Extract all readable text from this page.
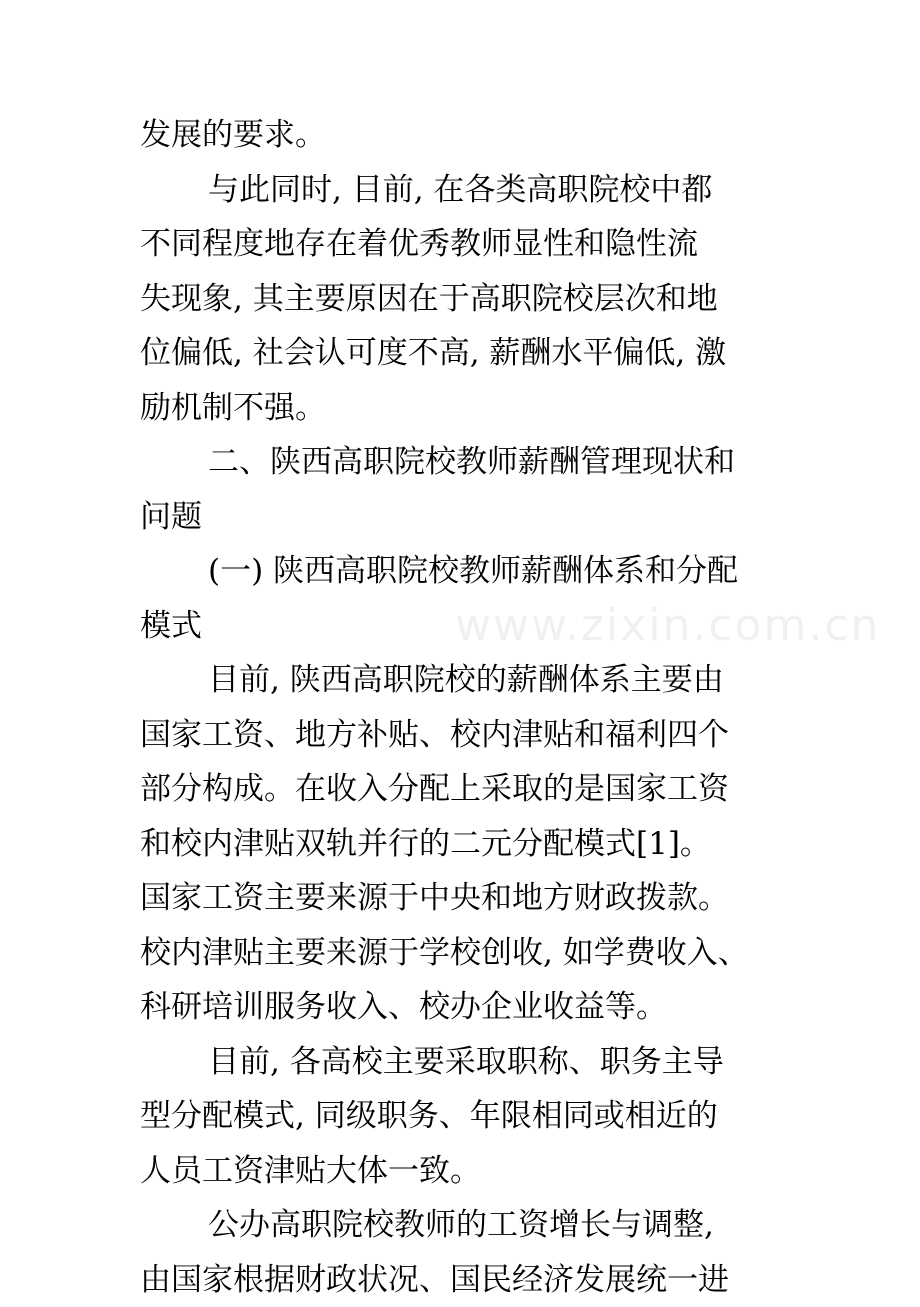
www.zixin.com.cn
发展的要求。
与此同时, 目前, 在各类高职院校中都
不同程度地存在着优秀教师显性和隐性流
失现象, 其主要原因在于高职院校层次和地
位偏低, 社会认可度不高, 薪酬水平偏低, 激
励机制不强。
二、陕西高职院校教师薪酬管理现状和
问题
(一) 陕西高职院校教师薪酬体系和分配
模式
目前, 陕西高职院校的薪酬体系主要由
国家工资、地方补贴、校内津贴和福利四个
部分构成。在收入分配上采取的是国家工资
和校内津贴双轨并行的二元分配模式[1]。
国家工资主要来源于中央和地方财政拨款。
校内津贴主要来源于学校创收, 如学费收入、
科研培训服务收入、校办企业收益等。
目前, 各高校主要采取职称、职务主导
型分配模式, 同级职务、年限相同或相近的
人员工资津贴大体一致。
公办高职院校教师的工资增长与调整,
由国家根据财政状况、国民经济发展统一进
